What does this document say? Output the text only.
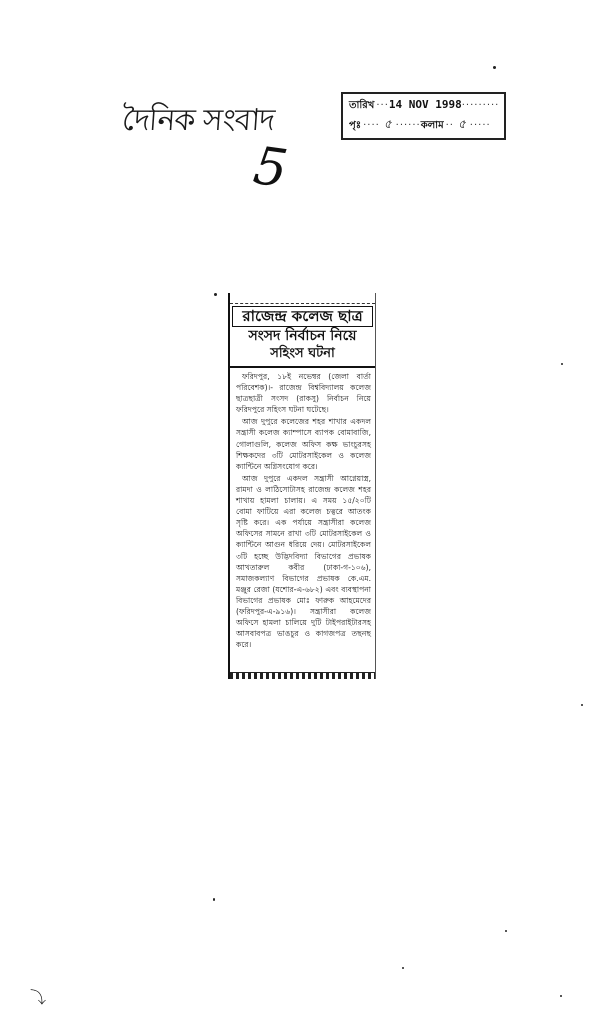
দৈনিক সংবাদ
5
তারিখ ··· 14 NOV 1998 ·········
পৃঃ ···· ৫ ······ কলাম ·· ৫ ·····
রাজেন্দ্র কলেজ ছাত্র
সংসদ নির্বাচন নিয়ে
সহিংস ঘটনা

ফরিদপুর, ১৮ই নভেম্বর (জেলা বার্তা পরিবেশক)।- রাজেন্দ্র বিশ্ববিদ্যালয় কলেজ ছাত্রছাত্রী সংসদ (রাকসু) নির্বাচন নিয়ে ফরিদপুরে সহিংস ঘটনা ঘটেছে।

আজ দুপুরে কলেজের শহর শাখার একদল সন্ত্রাসী কলেজ ক্যাম্পাসে ব্যাপক বোমাবাজি, গোলাগুলি, কলেজ অফিস কক্ষ ভাংচুরসহ শিক্ষকদের ৩টি মোটরসাইকেল ও কলেজ ক্যান্টিনে অগ্নিসংযোগ করে।

আজ দুপুরে একদল সন্ত্রাসী আগ্নেয়াস্ত্র, রামদা ও লাঠিসোটাসহ রাজেন্দ্র কলেজ শহর শাখায় হামলা চালায়। এ সময় ১৫/২০টি বোমা ফাটিয়ে এরা কলেজ চত্বরে আতংক সৃষ্টি করে। এক পর্যায়ে সন্ত্রাসীরা কলেজ অফিসের সামনে রাখা ৩টি মোটরসাইকেল ও ক্যান্টিনে আগুন ধরিয়ে দেয়। মোটরসাইকেল ৩টি হচ্ছে উদ্ভিদবিদ্যা বিভাগের প্রভাষক আখতারুল কবীর (ঢাকা-গ-১০৬), সমাজকল্যাণ বিভাগের প্রভাষক কে.এম. মঞ্জুর রেজা (যশোর-এ-৬৮২) এবং ব্যবস্থাপনা বিভাগের প্রভাষক মোঃ ফারুক আহমেদের (ফরিদপুর-এ-৯১৬)। সন্ত্রাসীরা কলেজ অফিসে হামলা চালিয়ে দুটি টাইপরাইটারসহ আসবাবপত্র ভাঙচুর ও কাগজপত্র তছনছ করে।

⤵
